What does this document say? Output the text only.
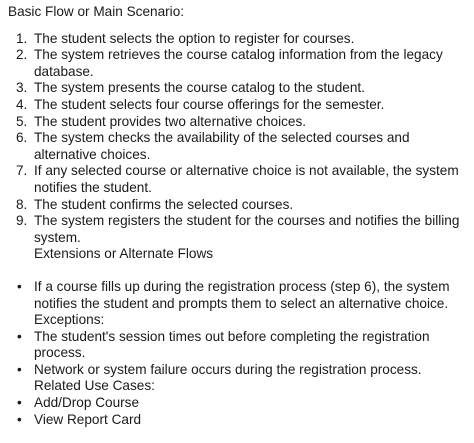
Basic Flow or Main Scenario:
1. The student selects the option to register for courses.
2. The system retrieves the course catalog information from the legacy database.
3. The system presents the course catalog to the student.
4. The student selects four course offerings for the semester.
5. The student provides two alternative choices.
6. The system checks the availability of the selected courses and alternative choices.
7. If any selected course or alternative choice is not available, the system notifies the student.
8. The student confirms the selected courses.
9. The system registers the student for the courses and notifies the billing system.
Extensions or Alternate Flows
• If a course fills up during the registration process (step 6), the system notifies the student and prompts them to select an alternative choice.
Exceptions:
• The student's session times out before completing the registration process.
• Network or system failure occurs during the registration process.
Related Use Cases:
• Add/Drop Course
• View Report Card
